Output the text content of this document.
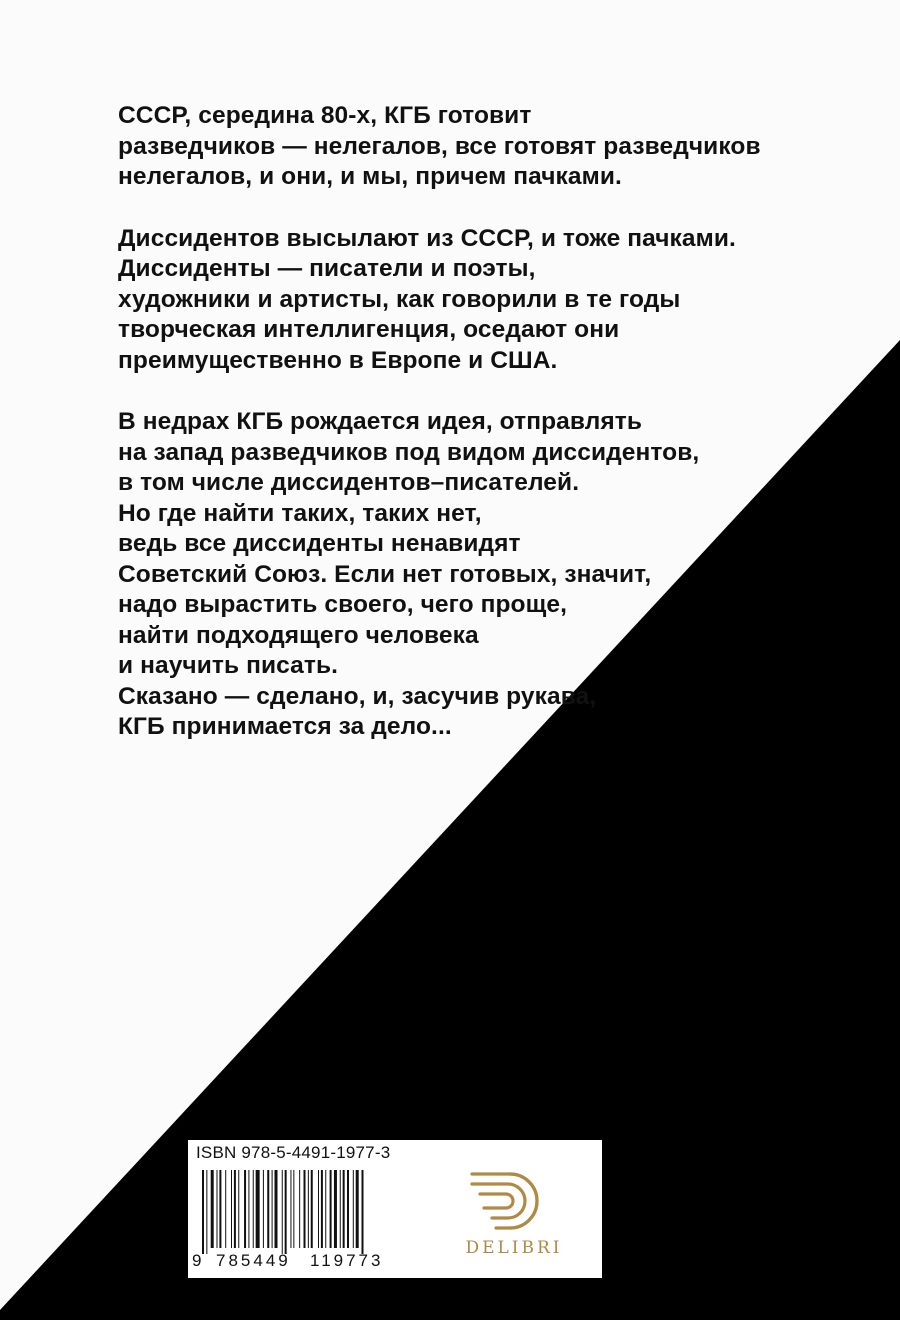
СССР, середина 80-х, КГБ готовит
разведчиков — нелегалов, все готовят разведчиков
нелегалов, и они, и мы, причем пачками.

Диссидентов высылают из СССР, и тоже пачками.
Диссиденты — писатели и поэты,
художники и артисты, как говорили в те годы
творческая интеллигенция, оседают они
преимущественно в Европе и США.

В недрах КГБ рождается идея, отправлять
на запад разведчиков под видом диссидентов,
в том числе диссидентов–писателей.
Но где найти таких, таких нет,
ведь все диссиденты ненавидят
Советский Союз. Если нет готовых, значит,
надо вырастить своего, чего проще,
найти подходящего человека
и научить писать.
Сказано — сделано, и, засучив рукава,
КГБ принимается за дело...

ISBN 978-5-4491-1977-3
9 785449 119773
DELIBRI
